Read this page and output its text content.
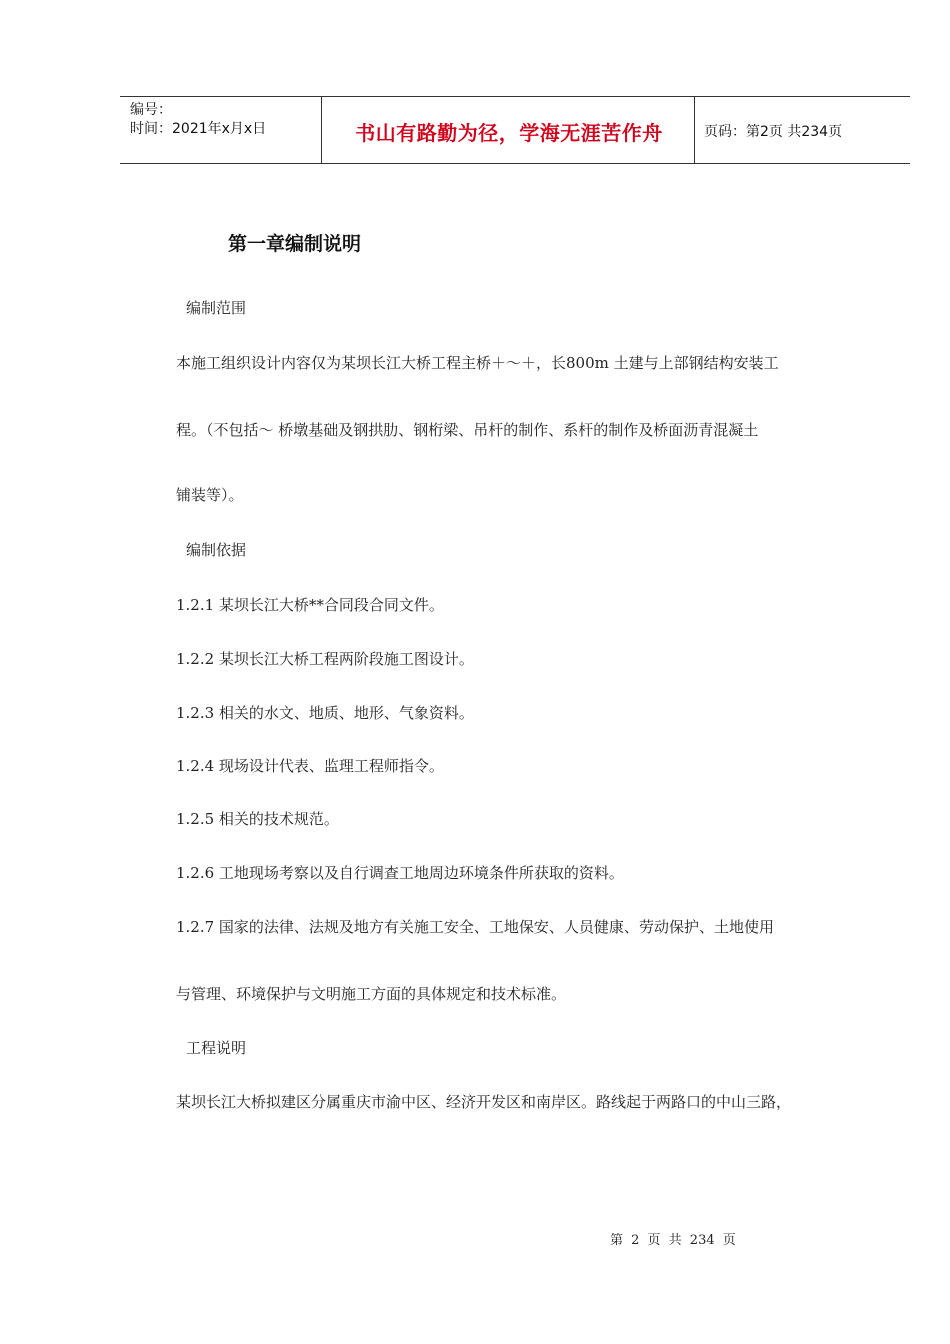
编号：
时间：2021年x月x日	书山有路勤为径，学海无涯苦作舟	页码：第2页 共234页
第一章编制说明
编制范围
本施工组织设计内容仅为某坝长江大桥工程主桥＋～＋，长800m 土建与上部钢结构安装工
程。（不包括～ 桥墩基础及钢拱肋、钢桁梁、吊杆的制作、系杆的制作及桥面沥青混凝土
铺装等）。
编制依据
1.2.1 某坝长江大桥**合同段合同文件。
1.2.2 某坝长江大桥工程两阶段施工图设计。
1.2.3 相关的水文、地质、地形、气象资料。
1.2.4 现场设计代表、监理工程师指令。
1.2.5 相关的技术规范。
1.2.6 工地现场考察以及自行调查工地周边环境条件所获取的资料。
1.2.7 国家的法律、法规及地方有关施工安全、工地保安、人员健康、劳动保护、土地使用
与管理、环境保护与文明施工方面的具体规定和技术标准。
工程说明
某坝长江大桥拟建区分属重庆市渝中区、经济开发区和南岸区。路线起于两路口的中山三路，
第 2 页 共 234 页
